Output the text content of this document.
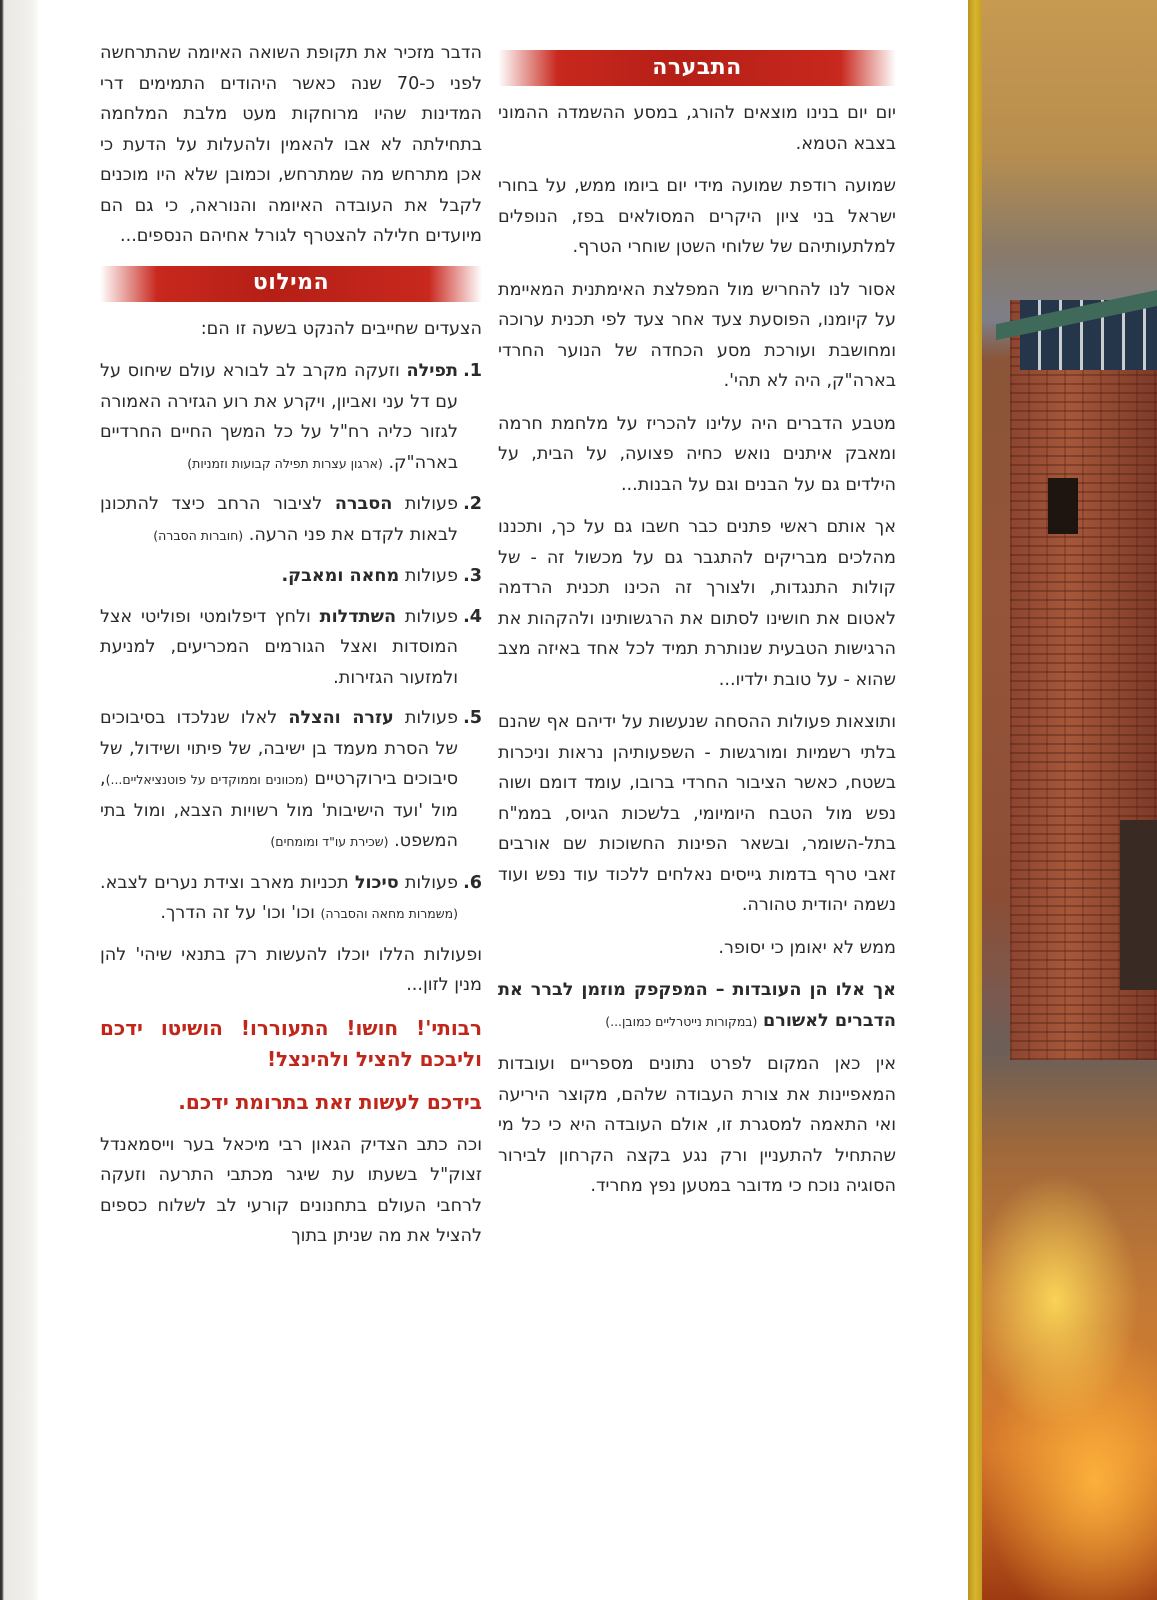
התבערה

יום יום בנינו מוצאים להורג, במסע ההשמדה ההמוני בצבא הטמא.

שמועה רודפת שמועה מידי יום ביומו ממש, על בחורי ישראל בני ציון היקרים המסולאים בפז, הנופלים למלתעותיהם של שלוחי השטן שוחרי הטרף.

אסור לנו להחריש מול המפלצת האימתנית המאיימת על קיומנו, הפוסעת צעד אחר צעד לפי תכנית ערוכה ומחושבת ועורכת מסע הכחדה של הנוער החרדי בארה"ק, היה לא תהי'.

מטבע הדברים היה עלינו להכריז על מלחמת חרמה ומאבק איתנים נואש כחיה פצועה, על הבית, על הילדים גם על הבנים וגם על הבנות...

אך אותם ראשי פתנים כבר חשבו גם על כך, ותכננו מהלכים מבריקים להתגבר גם על מכשול זה - של קולות התנגדות, ולצורך זה הכינו תכנית הרדמה לאטום את חושינו לסתום את הרגשותינו ולהקהות את הרגישות הטבעית שנותרת תמיד לכל אחד באיזה מצב שהוא - על טובת ילדיו...

ותוצאות פעולות ההסחה שנעשות על ידיהם אף שהנם בלתי רשמיות ומורגשות - השפעותיהן נראות וניכרות בשטח, כאשר הציבור החרדי ברובו, עומד דומם ושוה נפש מול הטבח היומיומי, בלשכות הגיוס, בממ"ח בתל-השומר, ובשאר הפינות החשוכות שם אורבים זאבי טרף בדמות גייסים נאלחים ללכוד עוד נפש ועוד נשמה יהודית טהורה.

ממש לא יאומן כי יסופר.

אך אלו הן העובדות – המפקפק מוזמן לברר את הדברים לאשורם (במקורות נייטרליים כמובן...)

אין כאן המקום לפרט נתונים מספריים ועובדות המאפיינות את צורת העבודה שלהם, מקוצר היריעה ואי התאמה למסגרת זו, אולם העובדה היא כי כל מי שהתחיל להתעניין ורק נגע בקצה הקרחון לבירור הסוגיה נוכח כי מדובר במטען נפץ מחריד.

הדבר מזכיר את תקופת השואה האיומה שהתרחשה לפני כ-70 שנה כאשר היהודים התמימים דרי המדינות שהיו מרוחקות מעט מלבת המלחמה בתחילתה לא אבו להאמין ולהעלות על הדעת כי אכן מתרחש מה שמתרחש, וכמובן שלא היו מוכנים לקבל את העובדה האיומה והנוראה, כי גם הם מיועדים חלילה להצטרף לגורל אחיהם הנספים...

המילוט

הצעדים שחייבים להנקט בשעה זו הם:

1.
תפילה וזעקה מקרב לב לבורא עולם שיחוס על עם דל עני ואביון, ויקרע את רוע הגזירה האמורה לגזור כליה רח"ל על כל המשך החיים החרדיים בארה"ק. (ארגון עצרות תפילה קבועות וזמניות)
2.
פעולות הסברה לציבור הרחב כיצד להתכונן לבאות לקדם את פני הרעה. (חוברות הסברה)
3.
פעולות מחאה ומאבק.
4.
פעולות השתדלות ולחץ דיפלומטי ופוליטי אצל המוסדות ואצל הגורמים המכריעים, למניעת ולמזעור הגזירות.
5.
פעולות עזרה והצלה לאלו שנלכדו בסיבוכים של הסרת מעמד בן ישיבה, של פיתוי ושידול, של סיבוכים בירוקרטיים (מכוונים וממוקדים על פוטנציאליים...), מול 'ועד הישיבות' מול רשויות הצבא, ומול בתי המשפט. (שכירת עו"ד ומומחים)
6.
פעולות סיכול תכניות מארב וצידת נערים לצבא. (משמרות מחאה והסברה) וכו' וכו' על זה הדרך.

ופעולות הללו יוכלו להעשות רק בתנאי שיהי' להן מנין לזון...

רבותי'! חושו! התעוררו! הושיטו ידכם וליבכם להציל ולהינצל!
בידכם לעשות זאת בתרומת ידכם.

וכה כתב הצדיק הגאון רבי מיכאל בער וייסמאנדל זצוק"ל בשעתו עת שיגר מכתבי התרעה וזעקה לרחבי העולם בתחנונים קורעי לב לשלוח כספים להציל את מה שניתן בתוך
